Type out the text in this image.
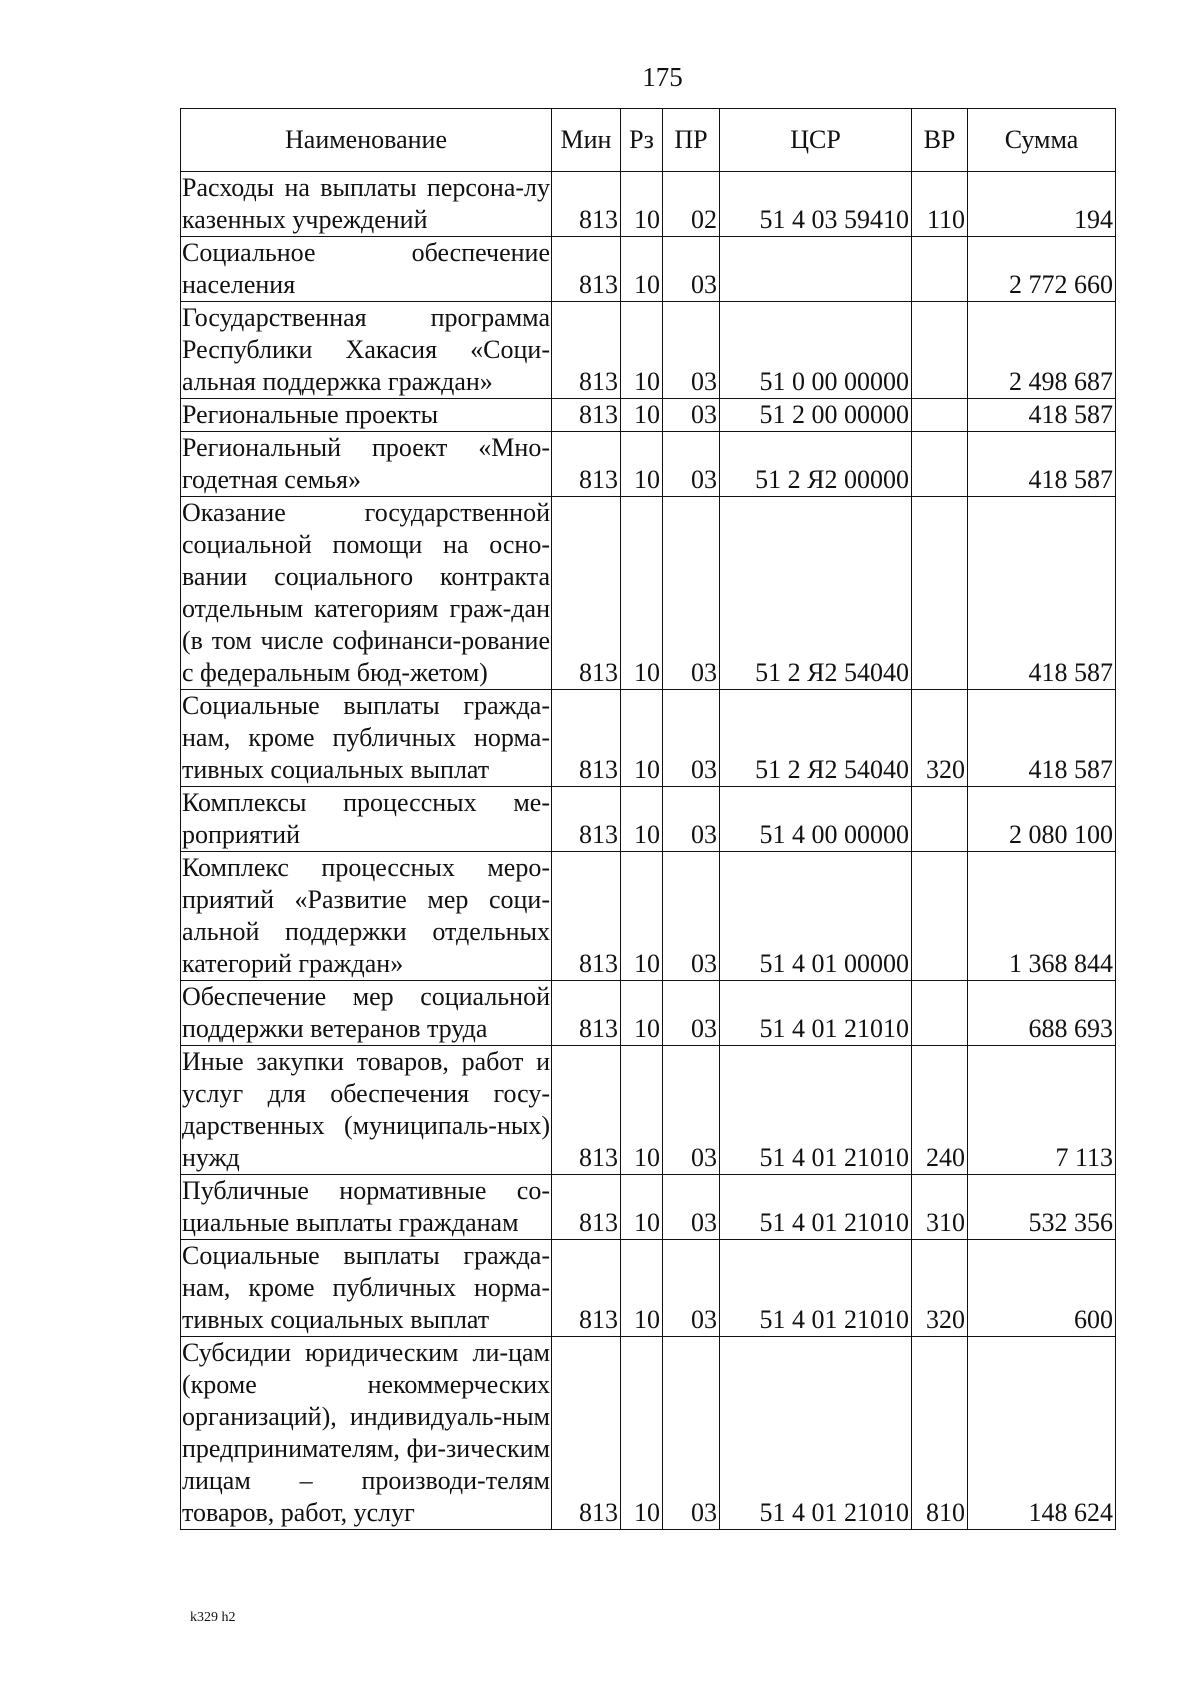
175
Наименование	Мин	Рз	ПР	ЦСР	ВР	Сумма
Расходы на выплаты персона-лу казенных учреждений	813	10	02	51 4 03 59410	110	194
Социальное обеспечение населения	813	10	03			2 772 660
Государственная программа Республики Хакасия «Соци-альная поддержка граждан»	813	10	03	51 0 00 00000		2 498 687
Региональные проекты	813	10	03	51 2 00 00000		418 587
Региональный проект «Мно-годетная семья»	813	10	03	51 2 Я2 00000		418 587
Оказание государственной социальной помощи на осно-вании социального контракта отдельным категориям граж-дан (в том числе софинанси-рование с федеральным бюд-жетом)	813	10	03	51 2 Я2 54040		418 587
Социальные выплаты гражда-нам, кроме публичных норма-тивных социальных выплат	813	10	03	51 2 Я2 54040	320	418 587
Комплексы процессных ме-роприятий	813	10	03	51 4 00 00000		2 080 100
Комплекс процессных меро-приятий «Развитие мер соци-альной поддержки отдельных категорий граждан»	813	10	03	51 4 01 00000		1 368 844
Обеспечение мер социальной поддержки ветеранов труда	813	10	03	51 4 01 21010		688 693
Иные закупки товаров, работ и услуг для обеспечения госу-дарственных (муниципаль-ных) нужд	813	10	03	51 4 01 21010	240	7 113
Публичные нормативные со-циальные выплаты гражданам	813	10	03	51 4 01 21010	310	532 356
Социальные выплаты гражда-нам, кроме публичных норма-тивных социальных выплат	813	10	03	51 4 01 21010	320	600
Субсидии юридическим ли-цам (кроме некоммерческих организаций), индивидуаль-ным предпринимателям, фи-зическим лицам – производи-телям товаров, работ, услуг	813	10	03	51 4 01 21010	810	148 624
k329 h2
